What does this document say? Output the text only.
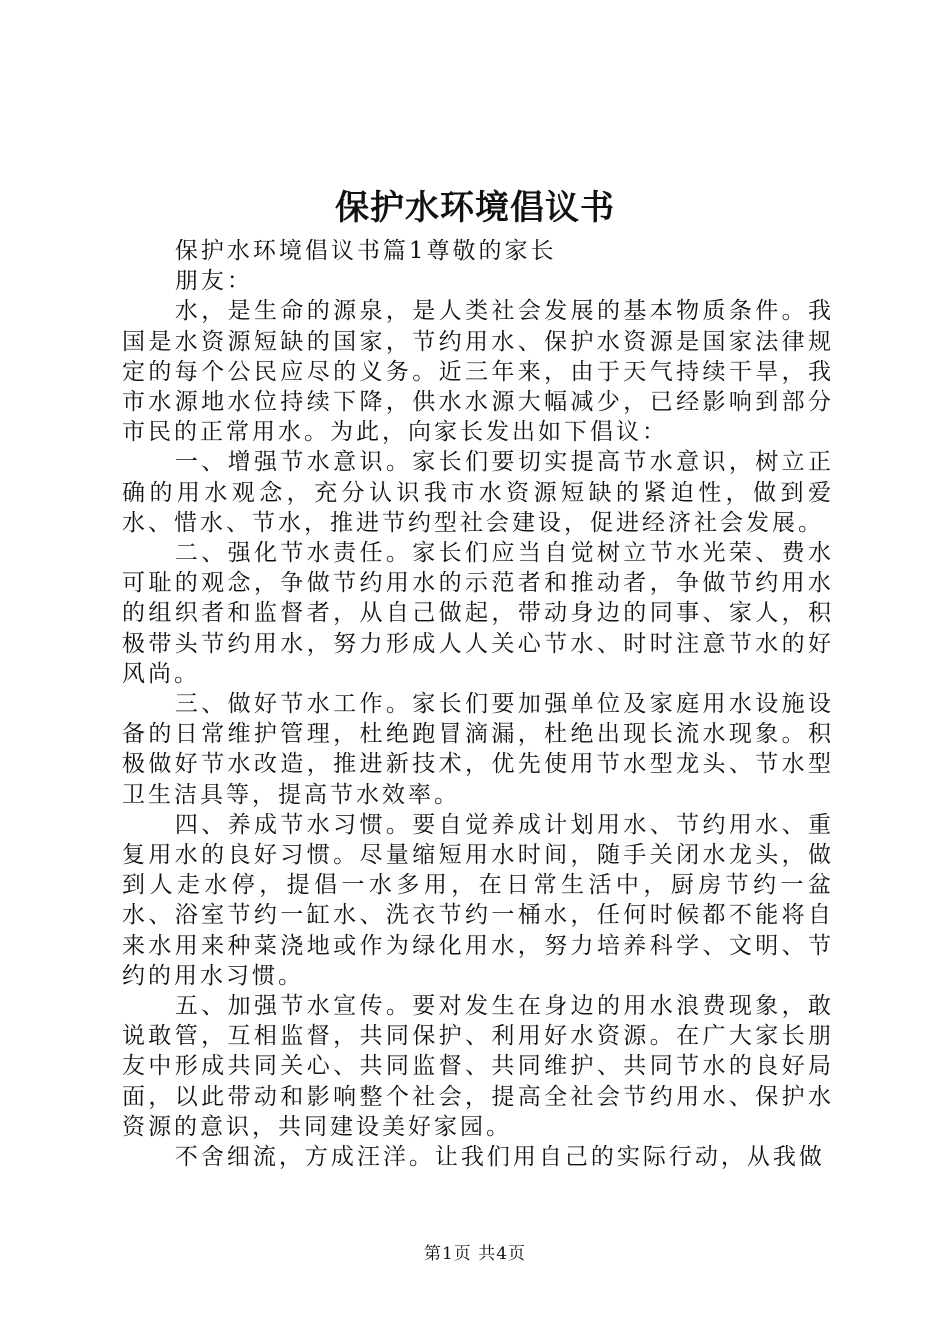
保护水环境倡议书

保护水环境倡议书篇1尊敬的家长

朋友：

水，是生命的源泉，是人类社会发展的基本物质条件。我国是水资源短缺的国家，节约用水、保护水资源是国家法律规定的每个公民应尽的义务。近三年来，由于天气持续干旱，我市水源地水位持续下降，供水水源大幅减少，已经影响到部分市民的正常用水。为此，向家长发出如下倡议：

一、增强节水意识。家长们要切实提高节水意识，树立正确的用水观念，充分认识我市水资源短缺的紧迫性，做到爱水、惜水、节水，推进节约型社会建设，促进经济社会发展。

二、强化节水责任。家长们应当自觉树立节水光荣、费水可耻的观念，争做节约用水的示范者和推动者，争做节约用水的组织者和监督者，从自己做起，带动身边的同事、家人，积极带头节约用水，努力形成人人关心节水、时时注意节水的好风尚。

三、做好节水工作。家长们要加强单位及家庭用水设施设备的日常维护管理，杜绝跑冒滴漏，杜绝出现长流水现象。积极做好节水改造，推进新技术，优先使用节水型龙头、节水型卫生洁具等，提高节水效率。

四、养成节水习惯。要自觉养成计划用水、节约用水、重复用水的良好习惯。尽量缩短用水时间，随手关闭水龙头，做到人走水停，提倡一水多用，在日常生活中，厨房节约一盆水、浴室节约一缸水、洗衣节约一桶水，任何时候都不能将自来水用来种菜浇地或作为绿化用水，努力培养科学、文明、节约的用水习惯。

五、加强节水宣传。要对发生在身边的用水浪费现象，敢说敢管，互相监督，共同保护、利用好水资源。在广大家长朋友中形成共同关心、共同监督、共同维护、共同节水的良好局面，以此带动和影响整个社会，提高全社会节约用水、保护水资源的意识，共同建设美好家园。

不舍细流，方成汪洋。让我们用自己的实际行动，从我做

第1页 共4页
